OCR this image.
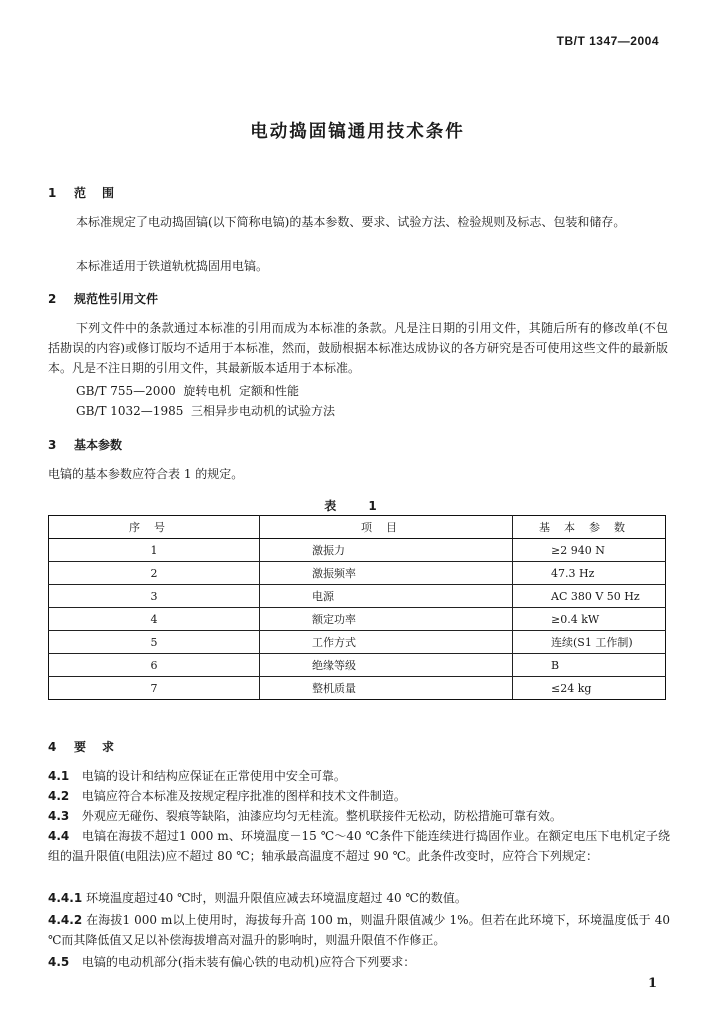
TB/T 1347—2004
电动捣固镐通用技术条件
1 范围
本标准规定了电动捣固镐(以下简称电镐)的基本参数、要求、试验方法、检验规则及标志、包装和储存。
本标准适用于铁道轨枕捣固用电镐。
2 规范性引用文件
下列文件中的条款通过本标准的引用而成为本标准的条款。凡是注日期的引用文件，其随后所有的修改单(不包括勘误的内容)或修订版均不适用于本标准，然而，鼓励根据本标准达成协议的各方研究是否可使用这些文件的最新版本。凡是不注日期的引用文件，其最新版本适用于本标准。
GB/T 755—2000  旋转电机  定额和性能
GB/T 1032—1985  三相异步电动机的试验方法
3 基本参数
电镐的基本参数应符合表 1 的规定。
表 1
序号	项目	基本参数
1	激振力	≥2 940 N
2	激振频率	47.3 Hz
3	电源	AC 380 V 50 Hz
4	额定功率	≥0.4 kW
5	工作方式	连续(S1 工作制)
6	绝缘等级	B
7	整机质量	≤24 kg
4 要求
4.1 电镐的设计和结构应保证在正常使用中安全可靠。
4.2 电镐应符合本标准及按规定程序批准的图样和技术文件制造。
4.3 外观应无碰伤、裂痕等缺陷，油漆应均匀无桂流。整机联接件无松动，防松措施可靠有效。
4.4 电镐在海拔不超过1 000 m、环境温度－15 ℃～40 ℃条件下能连续进行捣固作业。在额定电压下电机定子绕组的温升限值(电阻法)应不超过 80 ℃；轴承最高温度不超过 90 ℃。此条件改变时，应符合下列规定：
4.4.1 环境温度超过40 ℃时，则温升限值应减去环境温度超过 40 ℃的数值。
4.4.2 在海拔1 000 m以上使用时，海拔每升高 100 m，则温升限值减少 1%。但若在此环境下，环境温度低于 40 ℃而其降低值又足以补偿海拔增高对温升的影响时，则温升限值不作修正。
4.5 电镐的电动机部分(指未装有偏心铁的电动机)应符合下列要求：
1
